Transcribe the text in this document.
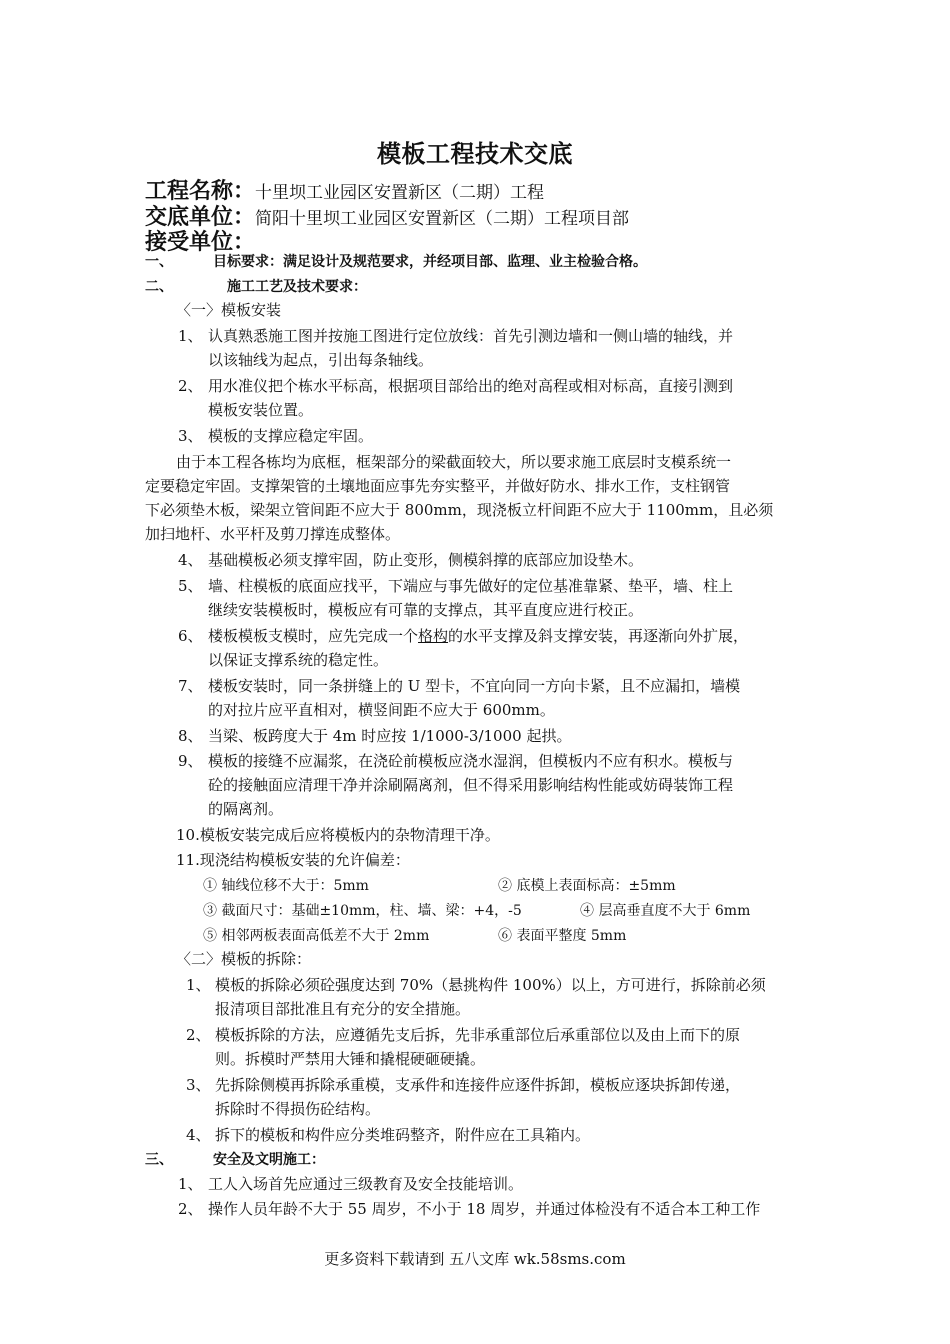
模板工程技术交底
工程名称：十里坝工业园区安置新区（二期）工程
交底单位：简阳十里坝工业园区安置新区（二期）工程项目部
接受单位：
一、	目标要求：满足设计及规范要求，并经项目部、监理、业主检验合格。
二、	施工工艺及技术要求：
〈一〉模板安装
1、 认真熟悉施工图并按施工图进行定位放线：首先引测边墙和一侧山墙的轴线，并
以该轴线为起点，引出每条轴线。
2、 用水准仪把个栋水平标高，根据项目部给出的绝对高程或相对标高，直接引测到
模板安装位置。
3、 模板的支撑应稳定牢固。
由于本工程各栋均为底框，框架部分的梁截面较大，所以要求施工底层时支模系统一
定要稳定牢固。支撑架管的土壤地面应事先夯实整平，并做好防水、排水工作，支柱钢管
下必须垫木板，梁架立管间距不应大于 800mm，现浇板立杆间距不应大于 1100mm，且必须
加扫地杆、水平杆及剪刀撑连成整体。
4、 基础模板必须支撑牢固，防止变形，侧模斜撑的底部应加设垫木。
5、 墙、柱模板的底面应找平，下端应与事先做好的定位基准靠紧、垫平，墙、柱上
继续安装模板时，模板应有可靠的支撑点，其平直度应进行校正。
6、 楼板模板支模时，应先完成一个格构的水平支撑及斜支撑安装，再逐渐向外扩展，
以保证支撑系统的稳定性。
7、 楼板安装时，同一条拼缝上的 U 型卡，不宜向同一方向卡紧，且不应漏扣，墙模
的对拉片应平直相对，横竖间距不应大于 600mm。
8、 当梁、板跨度大于 4m 时应按 1/1000-3/1000 起拱。
9、 模板的接缝不应漏浆，在浇砼前模板应浇水湿润，但模板内不应有积水。模板与
砼的接触面应清理干净并涂刷隔离剂，但不得采用影响结构性能或妨碍装饰工程
的隔离剂。
10.模板安装完成后应将模板内的杂物清理干净。
11.现浇结构模板安装的允许偏差：
① 轴线位移不大于：5mm	② 底模上表面标高：±5mm
③ 截面尺寸：基础±10mm，柱、墙、梁：+4，-5	④ 层高垂直度不大于 6mm
⑤ 相邻两板表面高低差不大于 2mm	⑥ 表面平整度 5mm
〈二〉模板的拆除：
1、 模板的拆除必须砼强度达到 70%（悬挑构件 100%）以上，方可进行，拆除前必须
报清项目部批准且有充分的安全措施。
2、 模板拆除的方法，应遵循先支后拆，先非承重部位后承重部位以及由上而下的原
则。拆模时严禁用大锤和撬棍硬砸硬撬。
3、 先拆除侧模再拆除承重模，支承件和连接件应逐件拆卸，模板应逐块拆卸传递，
拆除时不得损伤砼结构。
4、 拆下的模板和构件应分类堆码整齐，附件应在工具箱内。
三、	安全及文明施工：
1、 工人入场首先应通过三级教育及安全技能培训。
2、 操作人员年龄不大于 55 周岁，不小于 18 周岁，并通过体检没有不适合本工种工作
更多资料下载请到 五八文库 wk.58sms.com
